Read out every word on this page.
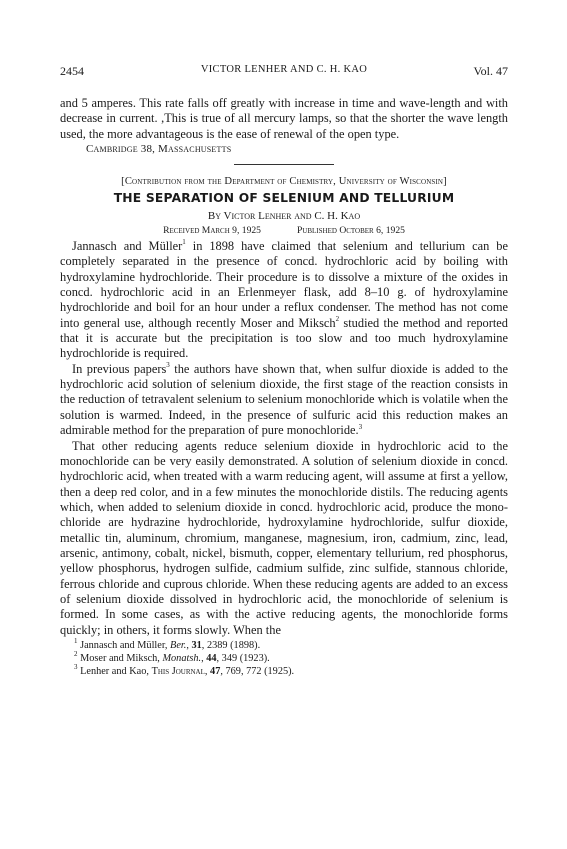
2454	VICTOR LENHER AND C. H. KAO	Vol. 47

and 5 amperes. This rate falls off greatly with increase in time and wave-length and with decrease in current. ,This is true of all mercury lamps, so that the shorter the wave length used, the more advantageous is the ease of renewal of the open type.

Cambridge 38, Massachusetts
[Contribution from the Department of Chemistry, University of Wisconsin]
THE SEPARATION OF SELENIUM AND TELLURIUM
By Victor Lenher and C. H. Kao
Received March 9, 1925	Published October 6, 1925

Jannasch and Müller$^1$ in 1898 have claimed that selenium and tellurium can be completely separated in the presence of concd. hydrochloric acid by boiling with hydroxylamine hydrochloride. Their procedure is to dissolve a mixture of the oxides in concd. hydrochloric acid in an Erlenmeyer flask, add 8–10 g. of hydroxylamine hydrochloride and boil for an hour under a reflux condenser. The method has not come into general use, although recently Moser and Miksch$^2$ studied the method and reported that it is accurate but the precipitation is too slow and too much hydroxylamine hydrochloride is required.

In previous papers$^3$ the authors have shown that, when sulfur dioxide is added to the hydrochloric acid solution of selenium dioxide, the first stage of the reaction consists in the reduction of tetravalent selenium to selenium monochloride which is volatile when the solution is warmed. Indeed, in the presence of sulfuric acid this reduction makes an admirable method for the preparation of pure monochloride.$^3$

That other reducing agents reduce selenium dioxide in hydrochloric acid to the monochloride can be very easily demonstrated. A solution of selenium dioxide in concd. hydrochloric acid, when treated with a warm reducing agent, will assume at first a yellow, then a deep red color, and in a few minutes the monochloride distils. The reducing agents which, when added to selenium dioxide in concd. hydrochloric acid, produce the mono-chloride are hydrazine hydrochloride, hydroxylamine hydrochloride, sulfur dioxide, metallic tin, aluminum, chromium, manganese, magnesium, iron, cadmium, zinc, lead, arsenic, antimony, cobalt, nickel, bismuth, copper, elementary tellurium, red phosphorus, yellow phosphorus, hydrogen sulfide, cadmium sulfide, zinc sulfide, stannous chloride, ferrous chloride and cuprous chloride. When these reducing agents are added to an excess of selenium dioxide dissolved in hydrochloric acid, the monochloride of selenium is formed. In some cases, as with the active reducing agents, the monochloride forms quickly; in others, it forms slowly. When the

$^1$ Jannasch and Müller, Ber., 31, 2389 (1898).

$^2$ Moser and Miksch, Monatsh., 44, 349 (1923).

$^3$ Lenher and Kao, This Journal, 47, 769, 772 (1925).
